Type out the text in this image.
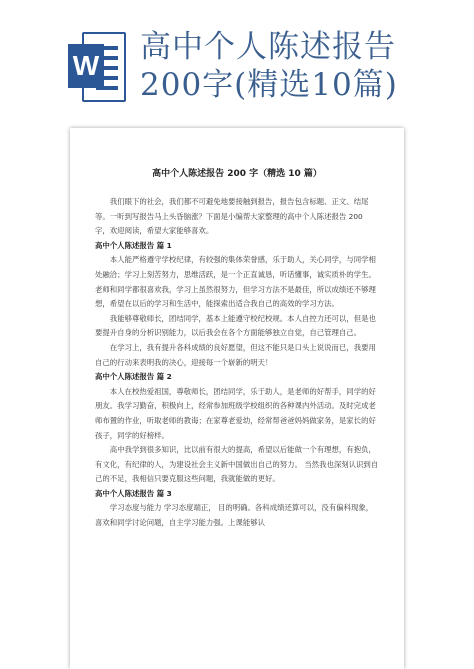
W
高中个人陈述报告
200字(精选10篇)
高中个人陈述报告 200 字（精选 10 篇）
我们眼下的社会，我们都不可避免地要接触到报告，报告包含标题、正文、结尾等。一听到写报告马上头昏脑涨？下面是小编帮大家整理的高中个人陈述报告 200 字，欢迎阅读，希望大家能够喜欢。
高中个人陈述报告 篇 1
本人能严格遵守学校纪律，有较强的集体荣誉感，乐于助人，关心同学，与同学相处融洽；学习上刻苦努力，思维活跃，是一个正直诚恳，听话懂事，诚实质朴的学生。老师和同学都很喜欢我，学习上虽然很努力，但学习方法不是最佳，所以成绩还不够理想，希望在以后的学习和生活中，能探索出适合我自己的高效的学习方法。
我能够尊敬师长，团结同学，基本上能遵守校纪校规。本人自控力还可以，但是也要提升自身的分析识别能力，以后我会在各个方面能够独立自觉，自己管理自己。
在学习上，我有提升各科成绩的良好愿望，但这不能只是口头上说说而已，我要用自己的行动来表明我的决心，迎接每一个崭新的明天！
高中个人陈述报告 篇 2
本人在校热爱祖国，尊敬师长，团结同学，乐于助人，是老师的好帮手，同学的好朋友。我学习勤奋，积极向上，经常参加班级学校组织的各种课内外活动。及时完成老师布置的作业，听取老师的教诲；在家尊老爱幼，经常帮爸爸妈妈做家务，是家长的好孩子，同学的好榜样。
高中我学到很多知识，比以前有很大的提高，希望以后能做一个有理想，有抱负，有文化，有纪律的人，为建设社会主义新中国做出自己的努力。 当然我也深刻认识到自己的不足，我相信只要克服这些问题，我就能做的更好。
高中个人陈述报告 篇 3
学习态度与能力 学习态度端正， 目的明确。各科成绩还算可以，没有偏科现象，喜欢和同学讨论问题，自主学习能力强。上课能够认
